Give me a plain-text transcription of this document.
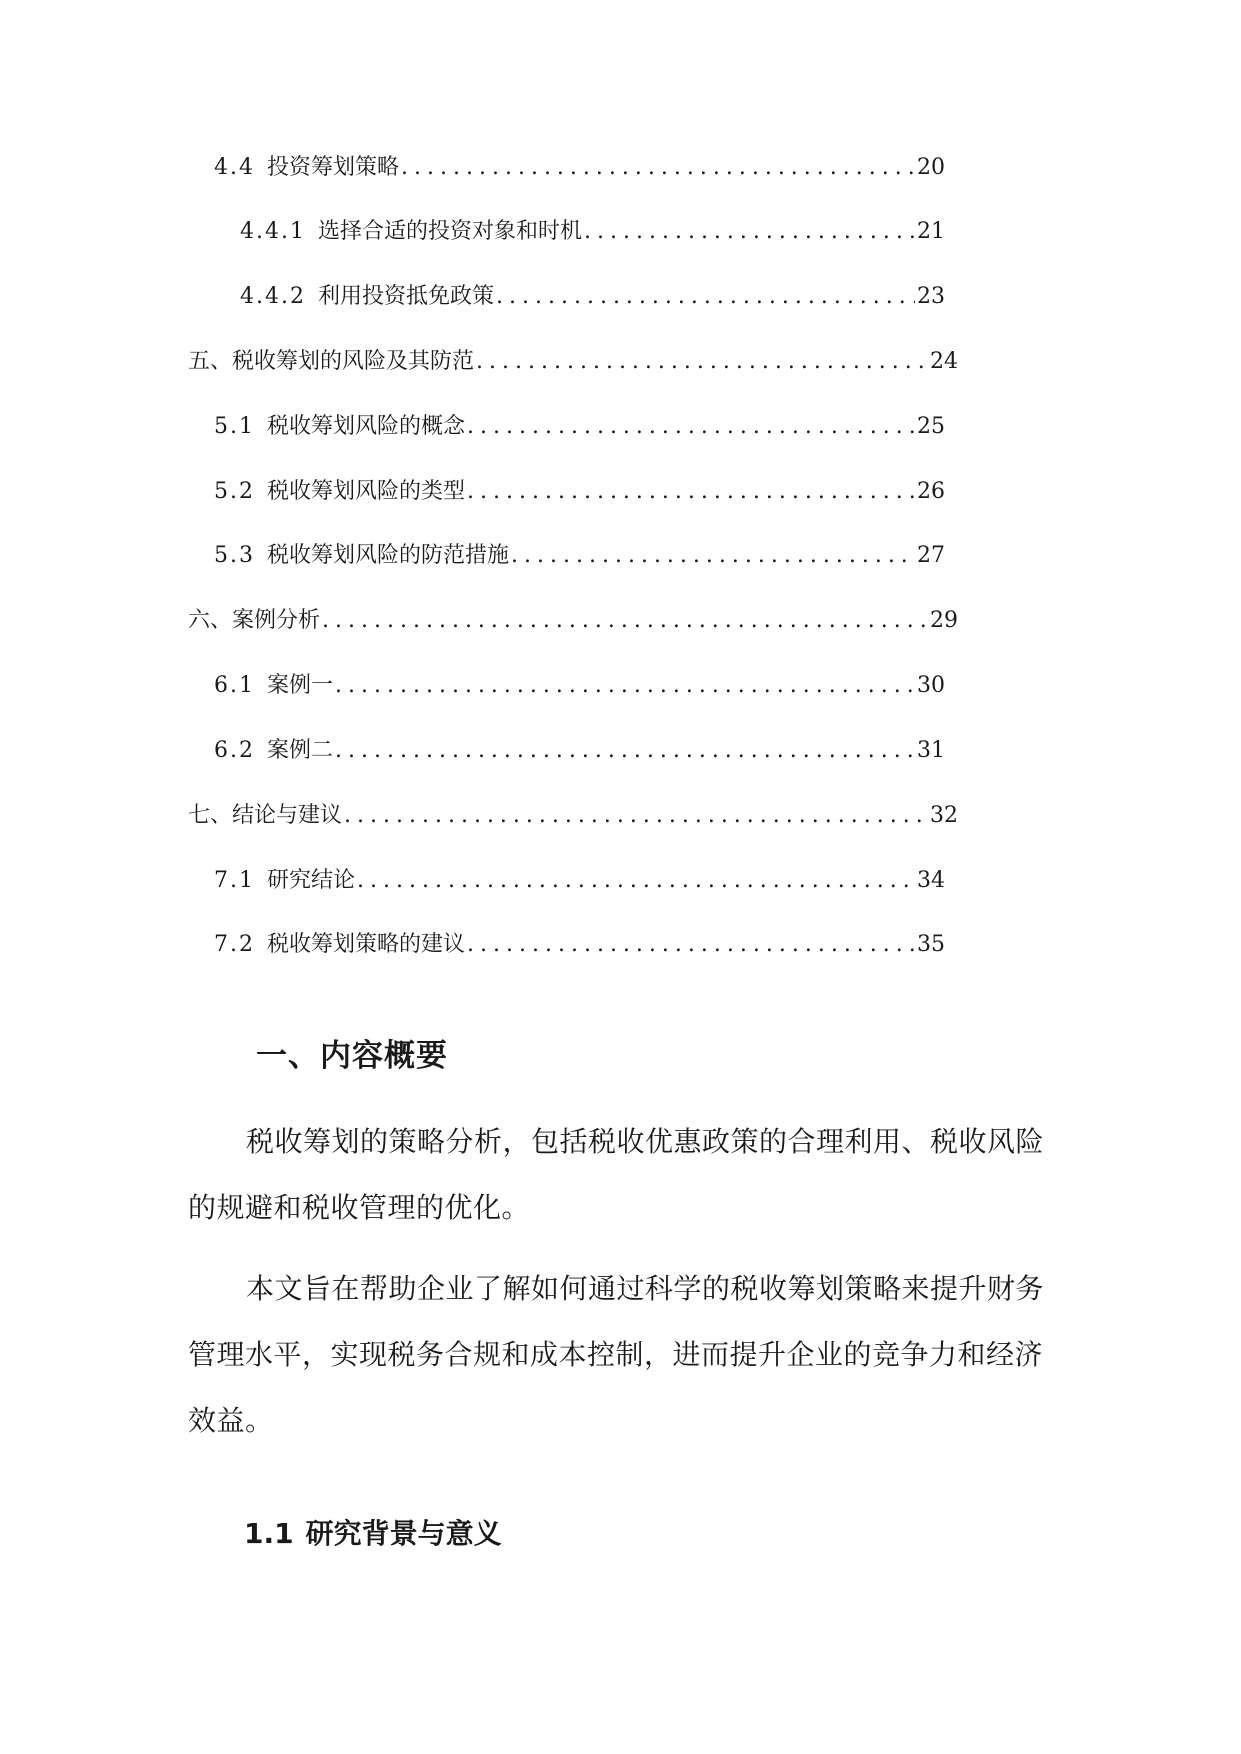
4.4 投资筹划策略 .....	20
4.4.1 选择合适的投资对象和时机 .....	21
4.4.2 利用投资抵免政策 .....	23
五、税收筹划的风险及其防范 .....	24
5.1 税收筹划风险的概念 .....	25
5.2 税收筹划风险的类型 .....	26
5.3 税收筹划风险的防范措施 .....	27
六、案例分析 .....	29
6.1 案例一 .....	30
6.2 案例二 .....	31
七、结论与建议 .....	32
7.1 研究结论 .....	34
7.2 税收筹划策略的建议 .....	35
一、内容概要

税收筹划的策略分析，包括税收优惠政策的合理利用、税收风险的规避和税收管理的优化。

本文旨在帮助企业了解如何通过科学的税收筹划策略来提升财务管理水平，实现税务合规和成本控制，进而提升企业的竞争力和经济效益。

1.1 研究背景与意义
